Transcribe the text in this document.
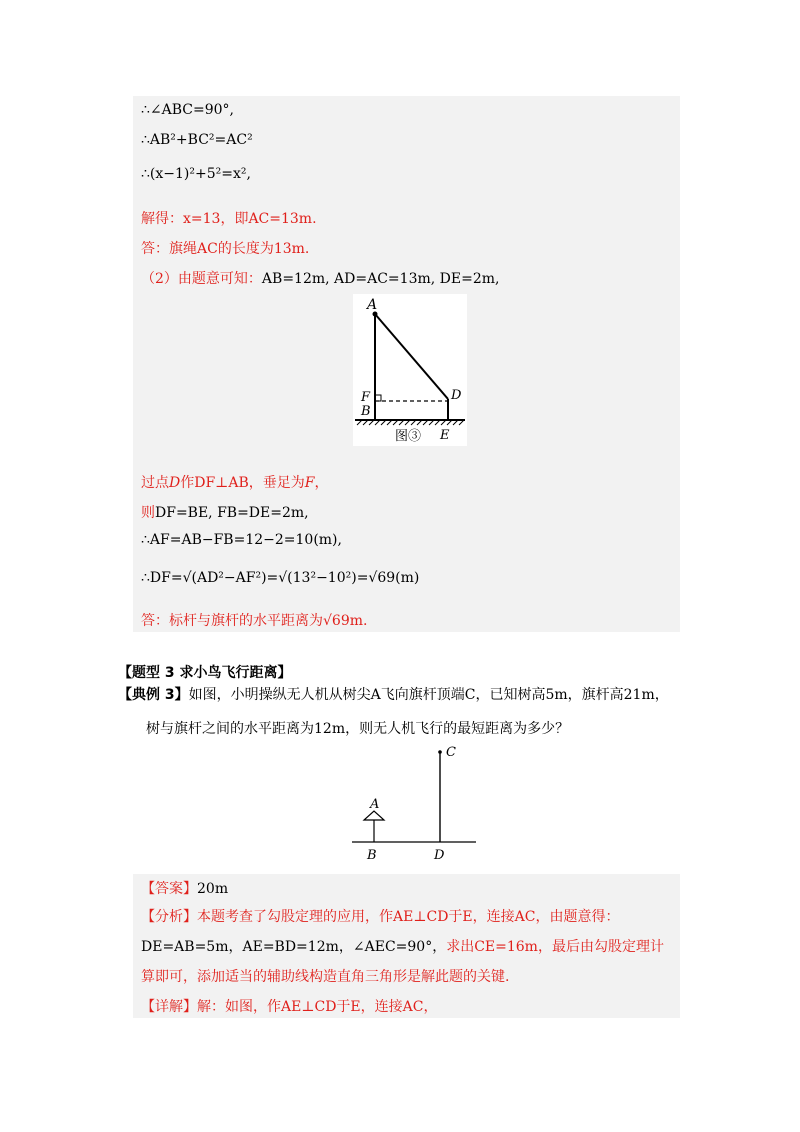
∴∠ABC=90°,
∴AB²+BC²=AC²
∴(x−1)²+5²=x²,
解得：x=13，即AC=13m.
答：旗绳AC的长度为13m.
（2）由题意可知：AB=12m, AD=AC=13m, DE=2m,
A
F
B
D
E
图③
过点D作DF⊥AB，垂足为F，
则DF=BE, FB=DE=2m,
∴AF=AB−FB=12−2=10(m),
∴DF=√(AD²−AF²)=√(13²−10²)=√69(m)
答：标杆与旗杆的水平距离为√69m.
【题型 3 求小鸟飞行距离】
【典例 3】如图，小明操纵无人机从树尖A飞向旗杆顶端C，已知树高5m，旗杆高21m，
树与旗杆之间的水平距离为12m，则无人机飞行的最短距离为多少？
C
A
B	D
【答案】20m
【分析】本题考查了勾股定理的应用，作AE⊥CD于E，连接AC，由题意得：
DE=AB=5m，AE=BD=12m，∠AEC=90°，求出CE=16m，最后由勾股定理计
算即可，添加适当的辅助线构造直角三角形是解此题的关键.
【详解】解：如图，作AE⊥CD于E，连接AC，
